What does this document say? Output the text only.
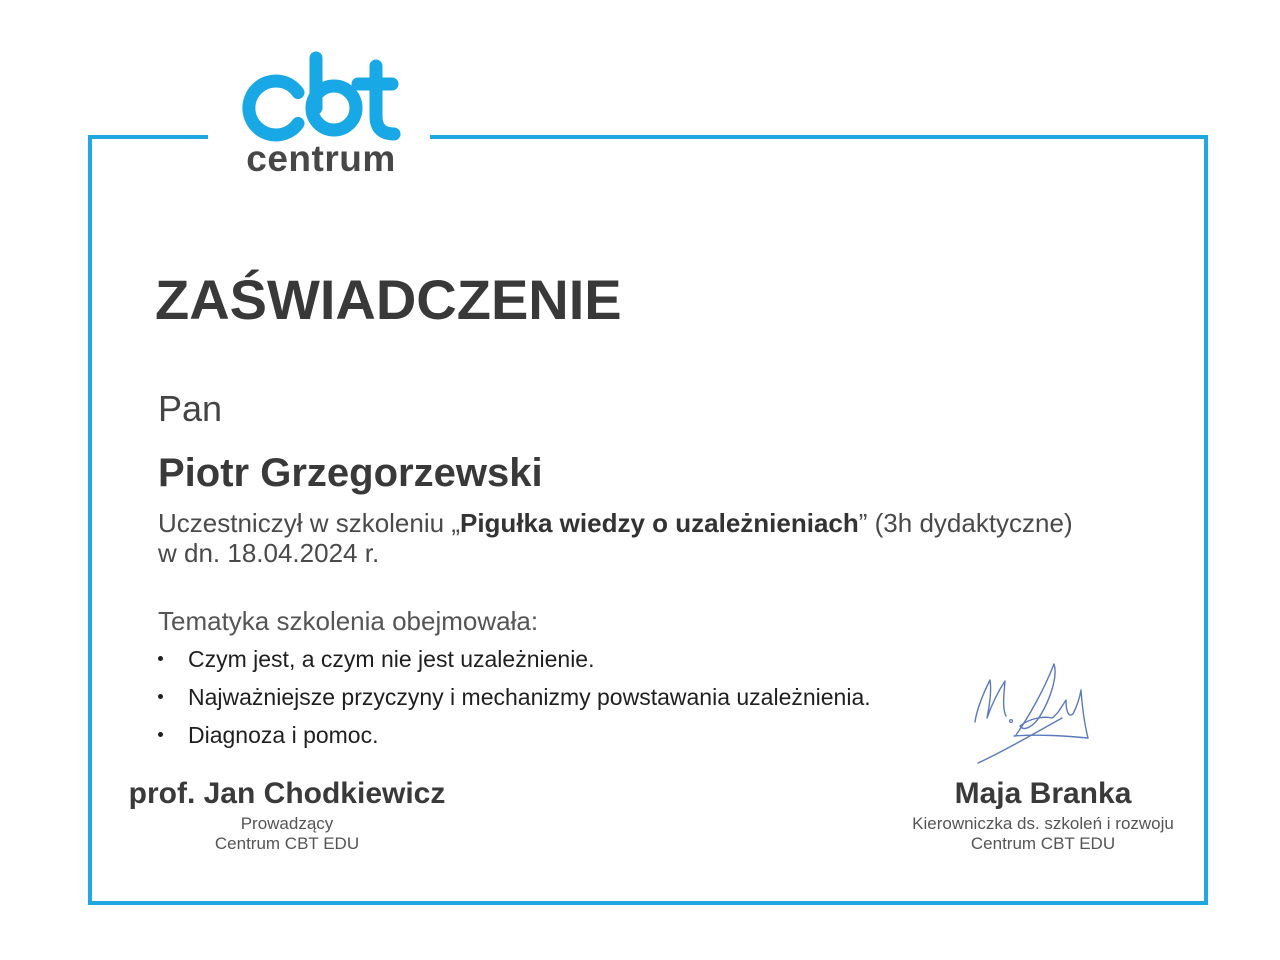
centrum
ZAŚWIADCZENIE
Pan
Piotr Grzegorzewski
Uczestniczył w szkoleniu „Pigułka wiedzy o uzależnieniach” (3h dydaktyczne)
w dn. 18.04.2024 r.
Tematyka szkolenia obejmowała:
Czym jest, a czym nie jest uzależnienie.
Najważniejsze przyczyny i mechanizmy powstawania uzależnienia.
Diagnoza i pomoc.
prof. Jan Chodkiewicz
Prowadzący
Centrum CBT EDU
Maja Branka
Kierowniczka ds. szkoleń i rozwoju
Centrum CBT EDU
